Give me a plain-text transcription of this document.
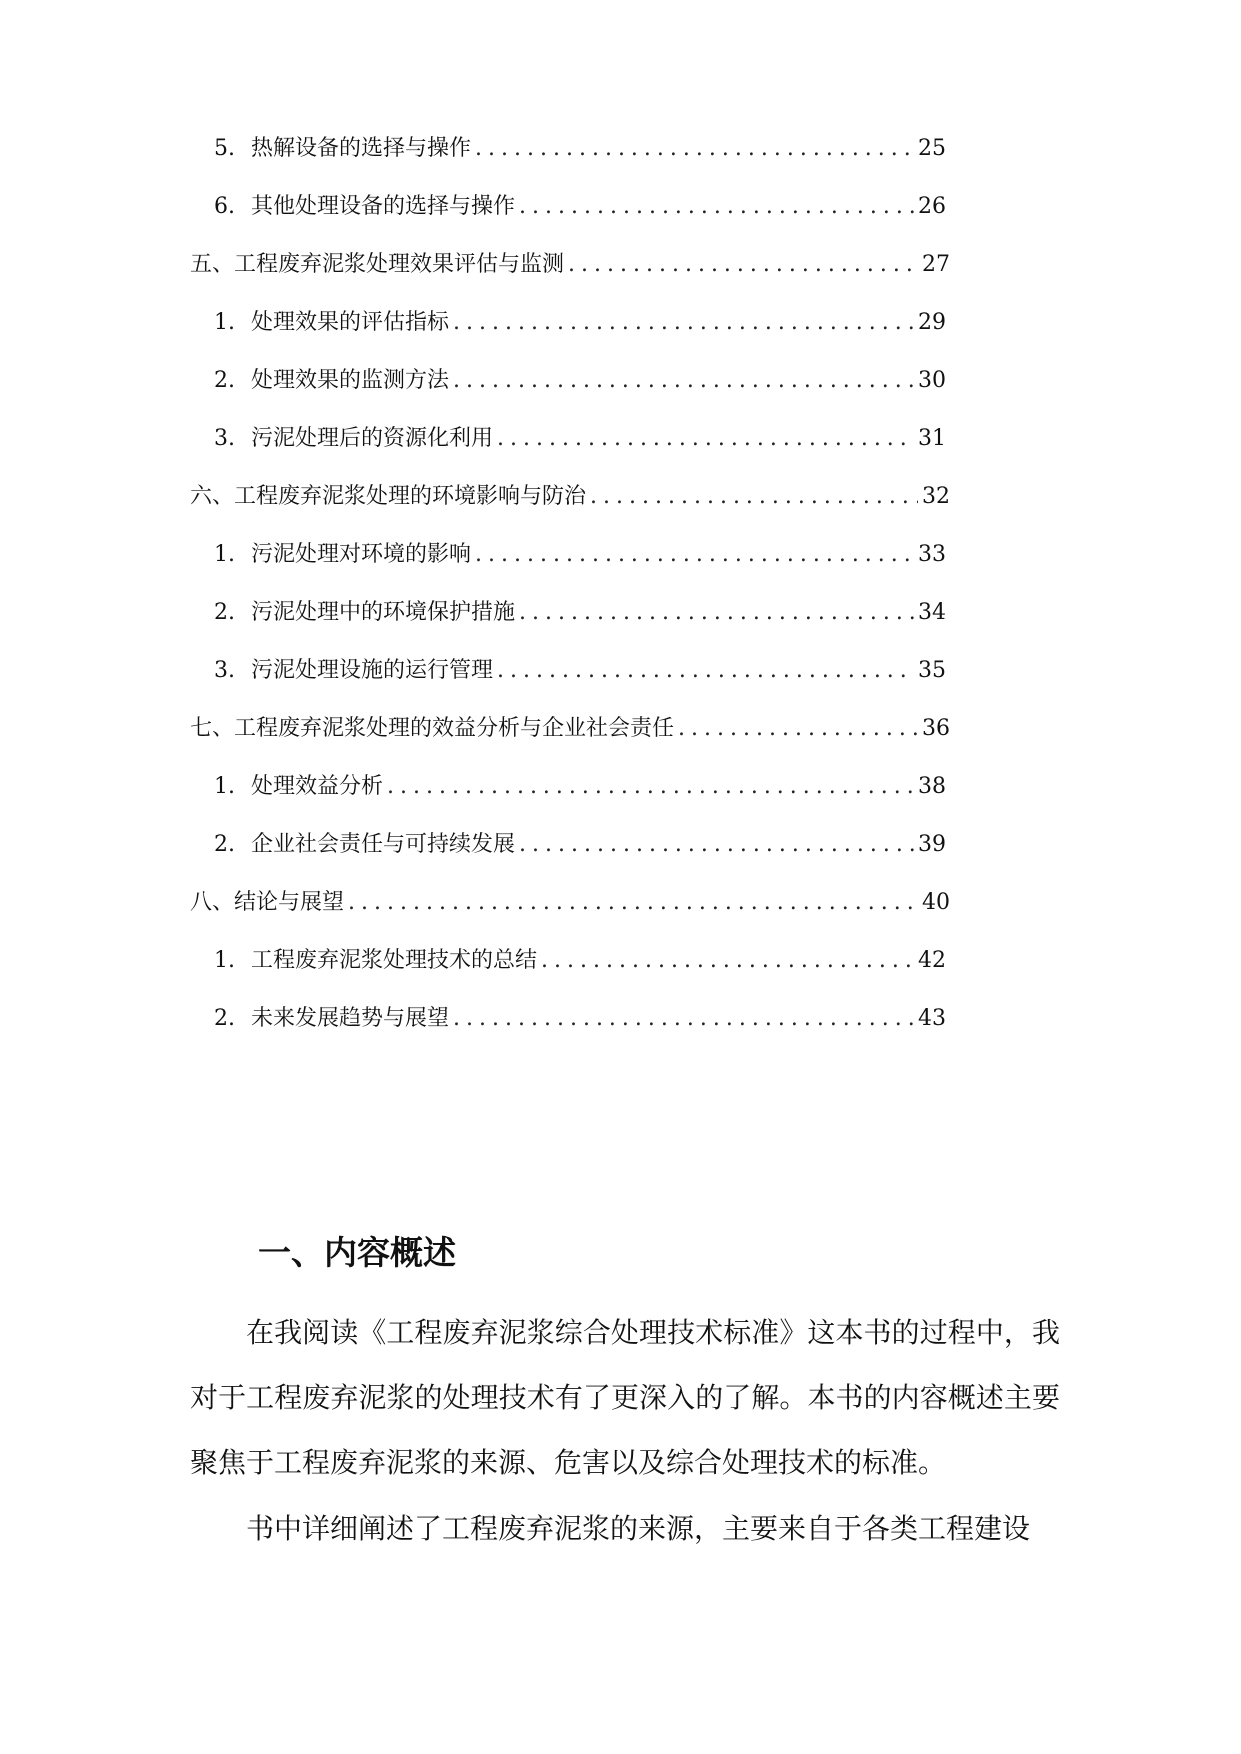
5. 热解设备的选择与操作 .....	25
6. 其他处理设备的选择与操作 .....	26
五、工程废弃泥浆处理效果评估与监测 .....	27
1. 处理效果的评估指标 .....	29
2. 处理效果的监测方法 .....	30
3. 污泥处理后的资源化利用 .....	31
六、工程废弃泥浆处理的环境影响与防治 .....	32
1. 污泥处理对环境的影响 .....	33
2. 污泥处理中的环境保护措施 .....	34
3. 污泥处理设施的运行管理 .....	35
七、工程废弃泥浆处理的效益分析与企业社会责任 .....	36
1. 处理效益分析 .....	38
2. 企业社会责任与可持续发展 .....	39
八、结论与展望 .....	40
1. 工程废弃泥浆处理技术的总结 .....	42
2. 未来发展趋势与展望 .....	43
一、内容概述

在我阅读《工程废弃泥浆综合处理技术标准》这本书的过程中，我对于工程废弃泥浆的处理技术有了更深入的了解。本书的内容概述主要聚焦于工程废弃泥浆的来源、危害以及综合处理技术的标准。

书中详细阐述了工程废弃泥浆的来源，主要来自于各类工程建设
